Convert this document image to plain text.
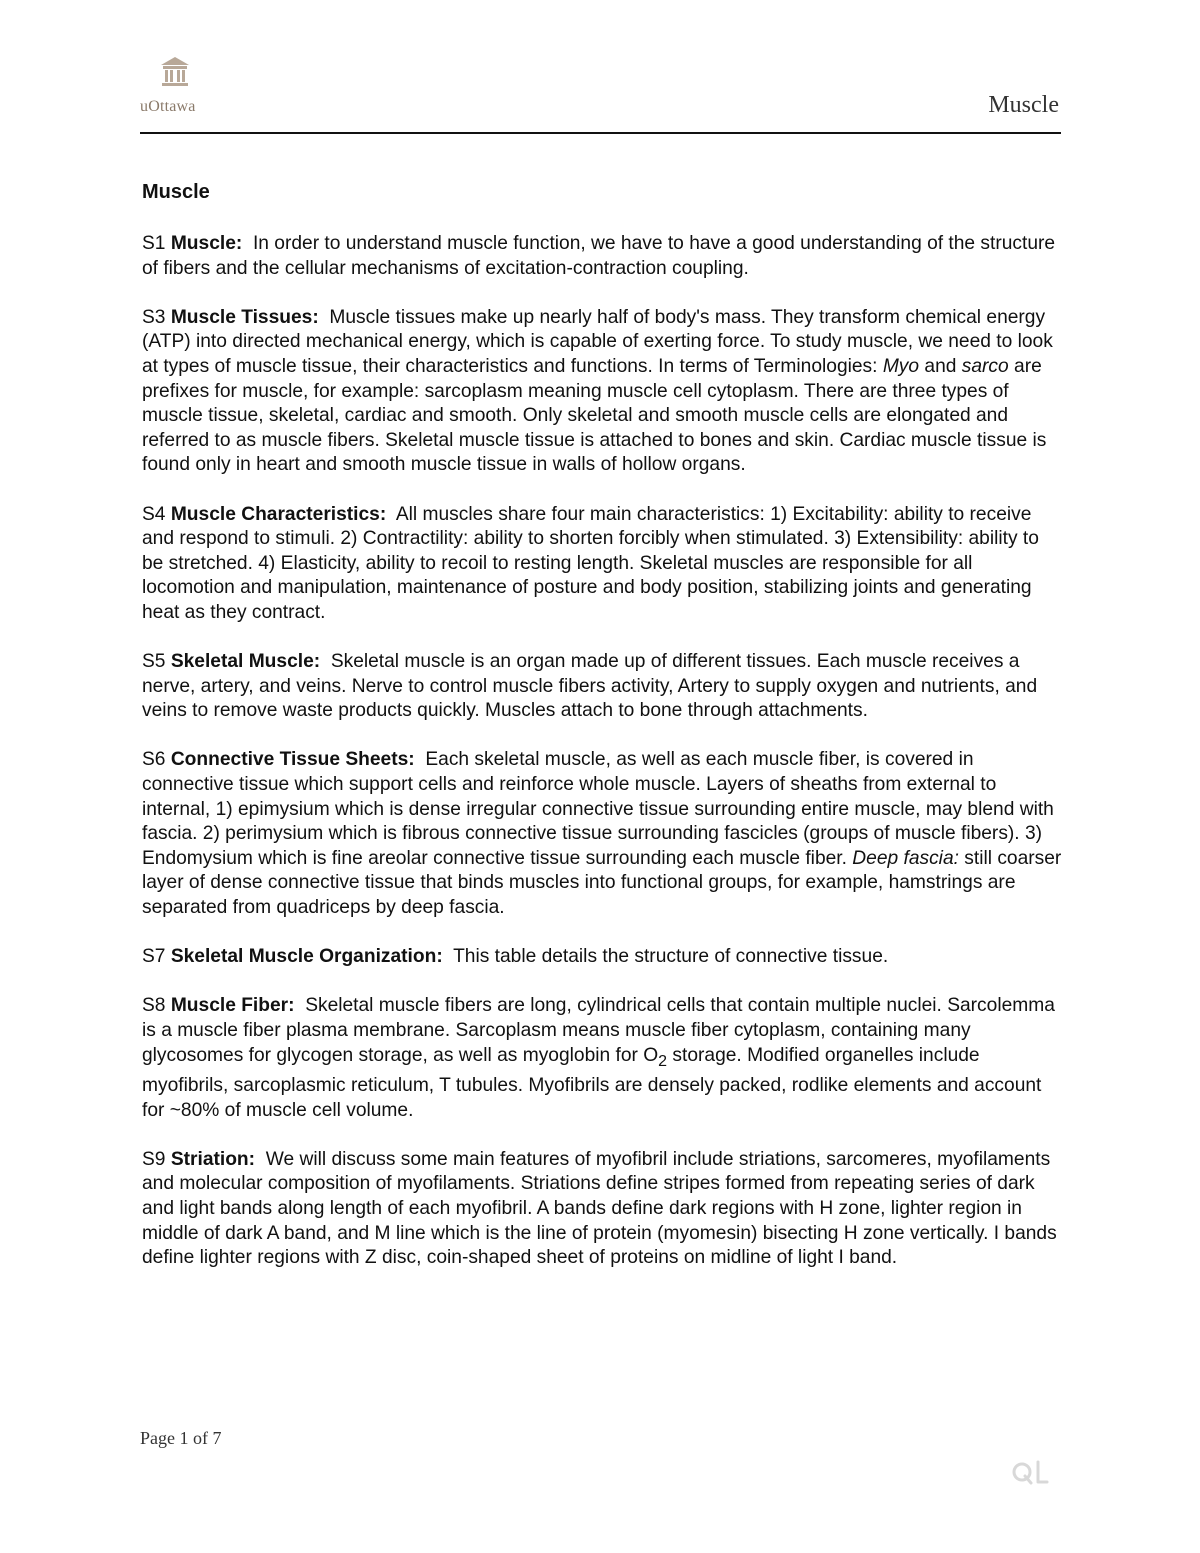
uOttawa	Muscle
Muscle

S1 Muscle: In order to understand muscle function, we have to have a good understanding of the structure of fibers and the cellular mechanisms of excitation-contraction coupling.

S3 Muscle Tissues: Muscle tissues make up nearly half of body's mass. They transform chemical energy (ATP) into directed mechanical energy, which is capable of exerting force. To study muscle, we need to look at types of muscle tissue, their characteristics and functions. In terms of Terminologies: Myo and sarco are prefixes for muscle, for example: sarcoplasm meaning muscle cell cytoplasm. There are three types of muscle tissue, skeletal, cardiac and smooth. Only skeletal and smooth muscle cells are elongated and referred to as muscle fibers. Skeletal muscle tissue is attached to bones and skin. Cardiac muscle tissue is found only in heart and smooth muscle tissue in walls of hollow organs.

S4 Muscle Characteristics: All muscles share four main characteristics: 1) Excitability: ability to receive and respond to stimuli. 2) Contractility: ability to shorten forcibly when stimulated. 3) Extensibility: ability to be stretched. 4) Elasticity, ability to recoil to resting length. Skeletal muscles are responsible for all locomotion and manipulation, maintenance of posture and body position, stabilizing joints and generating heat as they contract.

S5 Skeletal Muscle: Skeletal muscle is an organ made up of different tissues. Each muscle receives a nerve, artery, and veins. Nerve to control muscle fibers activity, Artery to supply oxygen and nutrients, and veins to remove waste products quickly. Muscles attach to bone through attachments.

S6 Connective Tissue Sheets: Each skeletal muscle, as well as each muscle fiber, is covered in connective tissue which support cells and reinforce whole muscle. Layers of sheaths from external to internal, 1) epimysium which is dense irregular connective tissue surrounding entire muscle, may blend with fascia. 2) perimysium which is fibrous connective tissue surrounding fascicles (groups of muscle fibers). 3) Endomysium which is fine areolar connective tissue surrounding each muscle fiber. Deep fascia: still coarser layer of dense connective tissue that binds muscles into functional groups, for example, hamstrings are separated from quadriceps by deep fascia.

S7 Skeletal Muscle Organization: This table details the structure of connective tissue.

S8 Muscle Fiber: Skeletal muscle fibers are long, cylindrical cells that contain multiple nuclei. Sarcolemma is a muscle fiber plasma membrane. Sarcoplasm means muscle fiber cytoplasm, containing many glycosomes for glycogen storage, as well as myoglobin for $O_2$ storage. Modified organelles include myofibrils, sarcoplasmic reticulum, T tubules. Myofibrils are densely packed, rodlike elements and account for ~80% of muscle cell volume.

S9 Striation: We will discuss some main features of myofibril include striations, sarcomeres, myofilaments and molecular composition of myofilaments. Striations define stripes formed from repeating series of dark and light bands along length of each myofibril. A bands define dark regions with H zone, lighter region in middle of dark A band, and M line which is the line of protein (myomesin) bisecting H zone vertically. I bands define lighter regions with Z disc, coin-shaped sheet of proteins on midline of light I band.

Page 1 of 7
